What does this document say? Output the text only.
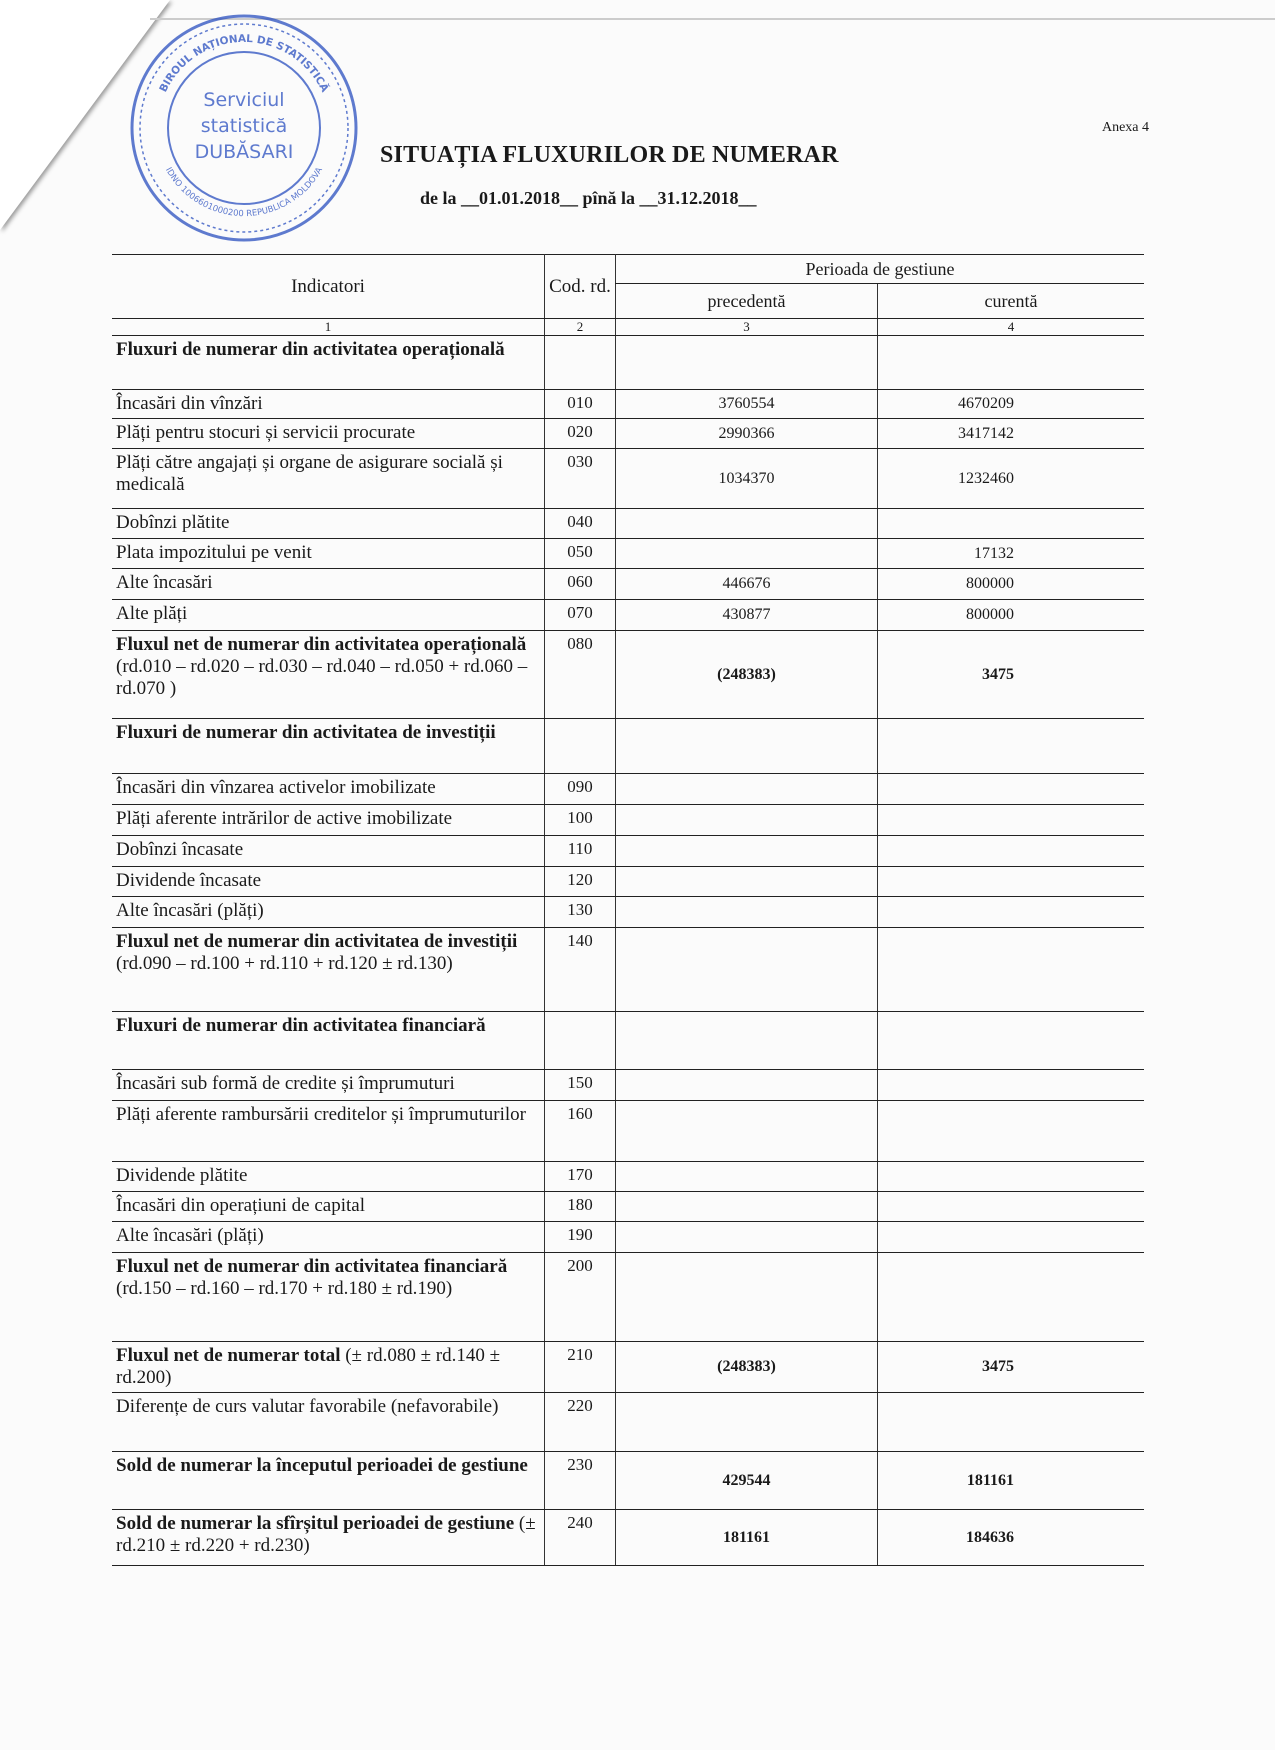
Anexa 4
BIROUL NAȚIONAL DE STATISTICĂ
IDNO 1006601000200 REPUBLICA MOLDOVA
Serviciul
statistică
DUBĂSARI	SITUAȚIA FLUXURILOR DE NUMERAR
de la __01.01.2018__ pînă la __31.12.2018__
Indicatori	Cod. rd.	Perioada de gestiune	
		precedentă	curentă
1	2	3	4
Fluxuri de numerar din activitatea operațională			
Încasări din vînzări	010	3760554	4670209
Plăți pentru stocuri și servicii procurate	020	2990366	3417142
Plăți către angajați și organe de asigurare socială și medicală	030	1034370	1232460
Dobînzi plătite	040		
Plata impozitului pe venit	050		17132
Alte încasări	060	446676	800000
Alte plăți	070	430877	800000
Fluxul net de numerar din activitatea operațională (rd.010 – rd.020 – rd.030 – rd.040 – rd.050 + rd.060 – rd.070 )	080	(248383)	3475
Fluxuri de numerar din activitatea de investiții			
Încasări din vînzarea activelor imobilizate	090		
Plăți aferente intrărilor de active imobilizate	100		
Dobînzi încasate	110		
Dividende încasate	120		
Alte încasări (plăți)	130		
Fluxul net de numerar din activitatea de investiții (rd.090 – rd.100 + rd.110 + rd.120 ± rd.130)	140		
Fluxuri de numerar din activitatea financiară			
Încasări sub formă de credite și împrumuturi	150		
Plăți aferente rambursării creditelor și împrumuturilor	160		
Dividende plătite	170		
Încasări din operațiuni de capital	180		
Alte încasări (plăți)	190		
Fluxul net de numerar din activitatea financiară (rd.150 – rd.160 – rd.170 + rd.180 ± rd.190)	200		
Fluxul net de numerar total (± rd.080 ± rd.140 ± rd.200)	210	(248383)	3475
Diferențe de curs valutar favorabile (nefavorabile)	220		
Sold de numerar la începutul perioadei de gestiune	230	429544	181161
Sold de numerar la sfîrșitul perioadei de gestiune (± rd.210 ± rd.220 + rd.230)	240	181161	184636
